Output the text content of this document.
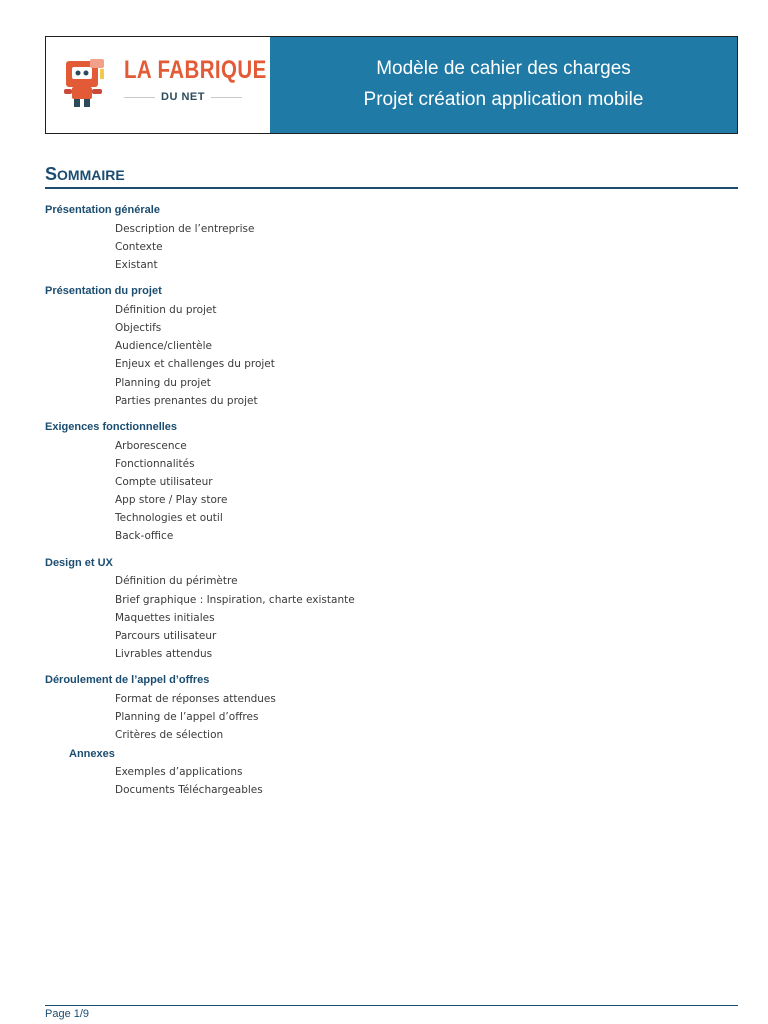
LA FABRIQUE
DU NET
Modèle de cahier des charges
Projet création application mobile
SOMMAIRE
Présentation générale
Description de l’entreprise
Contexte
Existant
Présentation du projet
Définition du projet
Objectifs
Audience/clientèle
Enjeux et challenges du projet
Planning du projet
Parties prenantes du projet
Exigences fonctionnelles
Arborescence
Fonctionnalités
Compte utilisateur
App store / Play store
Technologies et outil
Back-office
Design et UX
Définition du périmètre
Brief graphique : Inspiration, charte existante
Maquettes initiales
Parcours utilisateur
Livrables attendus
Déroulement de l’appel d’offres
Format de réponses attendues
Planning de l’appel d’offres
Critères de sélection
Annexes
Exemples d’applications
Documents Téléchargeables
Page 1/9
